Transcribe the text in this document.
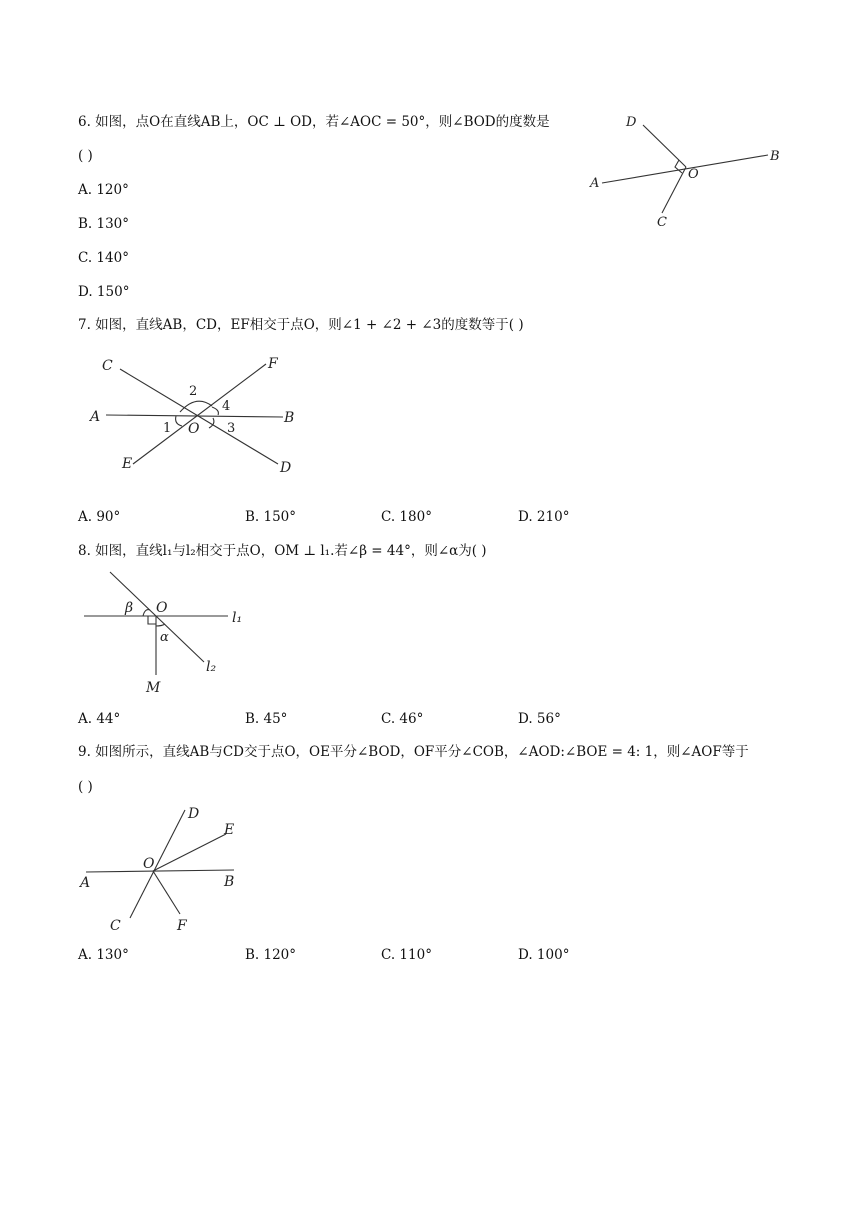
6. 如图，点O在直线AB上，OC ⊥ OD，若∠AOC = 50°，则∠BOD的度数是
( )
A. 120°
B. 130°
C. 140°
D. 150°
D
B
A
O
C
7. 如图，直线AB，CD，EF相交于点O，则∠1 + ∠2 + ∠3的度数等于( )
C	F
2
4
A	B
1 O 3
E	D
A. 90°	B. 150°	C. 180°	D. 210°
8. 如图，直线l₁与l₂相交于点O，OM ⊥ l₁.若∠β = 44°，则∠α为( )
β O
l₁
α
l₂
M
A. 44°	B. 45°	C. 46°	D. 56°
9. 如图所示，直线AB与CD交于点O，OE平分∠BOD，OF平分∠COB，∠AOD:∠BOE = 4: 1，则∠AOF等于
( )
D
E
O
A	B
C	F
A. 130°	B. 120°	C. 110°	D. 100°
